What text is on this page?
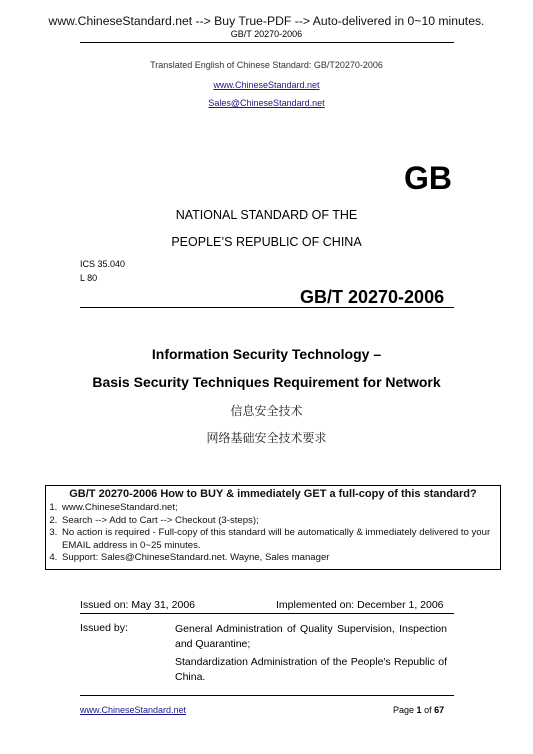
www.ChineseStandard.net --> Buy True-PDF --> Auto-delivered in 0~10 minutes.
GB/T 20270-2006
Translated English of Chinese Standard: GB/T20270-2006
www.ChineseStandard.net
Sales@ChineseStandard.net
GB
NATIONAL STANDARD OF THE
PEOPLE’S REPUBLIC OF CHINA
ICS 35.040
L 80
GB/T 20270-2006
Information Security Technology –
Basis Security Techniques Requirement for Network
信息安全技术
网络基础安全技术要求
GB/T 20270-2006 How to BUY & immediately GET a full-copy of this standard?
1. www.ChineseStandard.net;
2. Search --> Add to Cart --> Checkout (3-steps);
3. No action is required - Full-copy of this standard will be automatically & immediately delivered to your EMAIL address in 0~25 minutes.
4. Support: Sales@ChineseStandard.net. Wayne, Sales manager
Issued on: May 31, 2006	Implemented on: December 1, 2006

Issued by:	General Administration of Quality Supervision, Inspection and Quarantine;
Standardization Administration of the People's Republic of China.
www.ChineseStandard.net	Page 1 of 67
